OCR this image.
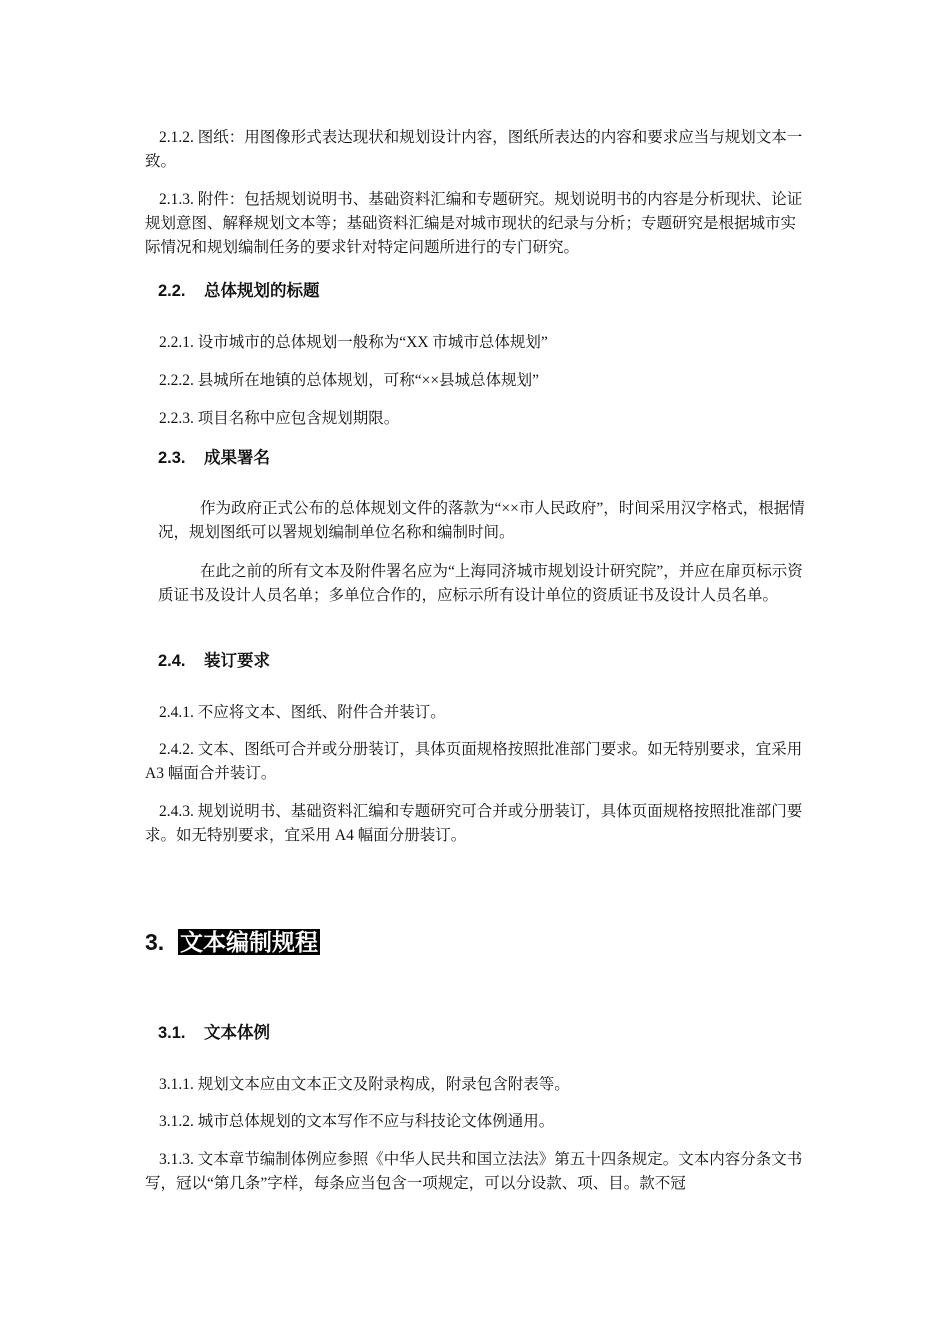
2.1.2. 图纸：用图像形式表达现状和规划设计内容，图纸所表达的内容和要求应当与规划文本一致。

2.1.3. 附件：包括规划说明书、基础资料汇编和专题研究。规划说明书的内容是分析现状、论证规划意图、解释规划文本等；基础资料汇编是对城市现状的纪录与分析；专题研究是根据城市实际情况和规划编制任务的要求针对特定问题所进行的专门研究。

2.2. 总体规划的标题

2.2.1. 设市城市的总体规划一般称为“XX 市城市总体规划”

2.2.2. 县城所在地镇的总体规划，可称“××县城总体规划”

2.2.3. 项目名称中应包含规划期限。

2.3. 成果署名

作为政府正式公布的总体规划文件的落款为“××市人民政府”，时间采用汉字格式，根据情况，规划图纸可以署规划编制单位名称和编制时间。

在此之前的所有文本及附件署名应为“上海同济城市规划设计研究院”，并应在扉页标示资质证书及设计人员名单；多单位合作的，应标示所有设计单位的资质证书及设计人员名单。

2.4. 装订要求

2.4.1. 不应将文本、图纸、附件合并装订。

2.4.2. 文本、图纸可合并或分册装订，具体页面规格按照批准部门要求。如无特别要求，宜采用 A3 幅面合并装订。

2.4.3. 规划说明书、基础资料汇编和专题研究可合并或分册装订，具体页面规格按照批准部门要求。如无特别要求，宜采用 A4 幅面分册装订。

3. 文本编制规程
3.1. 文本体例

3.1.1. 规划文本应由文本正文及附录构成，附录包含附表等。

3.1.2. 城市总体规划的文本写作不应与科技论文体例通用。

3.1.3. 文本章节编制体例应参照《中华人民共和国立法法》第五十四条规定。文本内容分条文书写，冠以“第几条”字样，每条应当包含一项规定，可以分设款、项、目。款不冠
